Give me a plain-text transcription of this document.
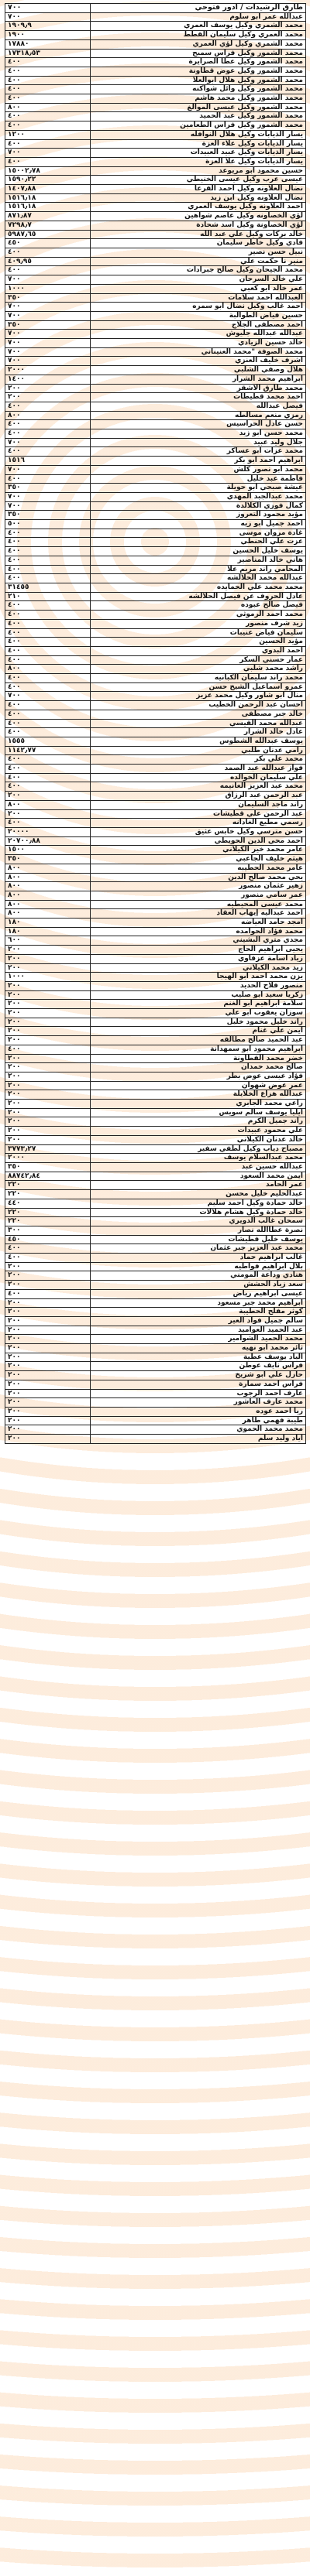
طارق الرشيدات / ادور فتوحي	٧٠٠
عبدالله عمر ابو سلوم	٧٠٠
محمد الشمري وكيل يوسف العمري	١٩٠٩٫٩
محمد العمري وكيل سليمان القطط	١٩٠٠
محمد الشمري وكيل لؤي العمري	١٧٨٨٠
محمد الشمور وكيل فراس سميح	١٧٣١٨٫٥٣
محمد الشمور وكيل عطا الصرايرة	٤٠٠
محمد الشمور وكيل عوض قطاونة	٤٠٠
محمد الشمور وكيل هلال ابوالعلا	٤٠٠
محمد الشمور وكيل وائل شواكنه	٤٠٠
محمد الشمور وكيل محمد هاشم	٤٠٠
محمد الشمور وكيل عيسى الموالغ	٨٠٠
محمد الشمور وكيل عبد الحميد	٤٠٠
محمد الشمور وكيل فراس الطعامين	٤٠٠
يسار الذيابات وكيل هلال النوافله	١٢٠٠
يسار الذيابات وكيل علاء العزة	٤٠٠
يسار الذيابات وكيل عبيد العبيدات	٧٠٠
يسار الذيابات وكيل علا العزة	٤٠٠
حسين محمود ابو مريوعد	١٥٠٠٢٫٧٨
عيسى عرب وكيل عيسى الخنيطي	١٥٩٠٫٢٢
نضال العلاونه وكيل احمد القرعا	١٤٠٧٫٨٨
نضال العلاونه وكيل ابن زيد	١٥١٦٫١٨
احمد العلاونه وكيل يوسف العمري	١٥١٦٫١٨
لؤي الخصاونه وكيل عاصم شواهين	٨٧١٫٨٧
لؤي الخصاونة وكيل اسد شحادة	٧٢٩٨٫٧
خالد بركات وكيل علي عبد الله	٥٩٨٧٫٦٥
فادي وكيل خاطر سليمان	٤٥٠
نبيل حسن نصير	٤٠٠
منير نا حكمت علي	٤٠٩٫٩٥
محمد الجيحان وكيل صالح جبرادات	٤٠٠
علي خالد السرحان	٧٠٠
عمر خالد ابو كعبي	١٠٠٠
العبدالله احمد سلامات	٣٥٠
احمد غالب وكيل نضال ابو سمره	٧٠٠
حسين فياض الطوالبة	٧٠٠
احمد مصطفى الجلاج	٣٥٠
عبدالله عبدالله جليوش	٧٠٠
خالد حسين الزيادي	٧٠٠
محمد الصوفة "محمد الغنيناني	٧٠٠
اشرف خليف العنزي	٧٠٠
هلال وصفي الشلبي	٢٠٠٠
ابراهيم محمد الشرار	١٤٠٠
محمد طارق الاشقر	٢٠٠
احمد محمد قطيطات	٢٠٠
فيصل عبدالله	٤٠٠
رمزي منعم مسالطه	٨٠٠
حسن عادل الحراسيس	٤٠٠
محمد حسن ابو زيد	٤٠٠
جلال وليد عبيد	٧٠٠
محمد عزات ابو عساكر	٤٠٠
ابراهيم احمد ابو بكر	١٥١٦
محمد ابو نصور كلش	٧٠٠
فاطمة عبد خليل	٤٠٠
عيشة صبحي ابو حويلة	٣٥٠
محمد عبدالجبد المهدي	٧٠٠
كمال فوزي الكلالدة	٧٠٠
مؤيد محمود التعروز	٣٥٠
احمد جميل ابو زيه	٥٠٠
غادة مروان موسى	٤٠٠
عزت علي الحنطي	٤٠٠
يوسف خليل الحسين	٤٠٠
هاني خالد المناصير	٤٠٠
المحامي راند مريم علا	٤٠٠
عبدالله محمد الحلالشه	٤٠٠
محمد محمد علي الحمايده	٣١٤٥٥
عادل الحروف عن فيصل الحلالشه	٢١٠
فيصل صالح عبوده	٤٠٠
محمد احمد الرموثي	٤٠٠
زيد شرف منصور	٤٠٠
سليمان فياض عنيبات	٤٠٠
مؤيد الحسين	٤٠٠
احمد البدوي	٤٠٠
عمار حسني السكر	٤٠٠
راشد محمد شلبي	٨٠٠
محمد راند سليمان الكبانيه	٤٠٠
عمرو اسماعيل الشيخ حسن	٤٠٠
منال ابو شاور وكيل محمد عزيز	٧٠٠
احسان عبد الرحمن الخطيب	٤٠٠
خالد جبر مصطفى	٤٠٠
عبدالله محمد القيسي	٤٠٠
عادل خالد الشرار	٤٠٠
يوسف عبدالله الشطوس	١٥٥٥
رامي عدنان طلبي	١١٤٢٫٧٧
محمد علي بكر	٤٠٠
فواز عبدالله عبد الصمد	٤٠٠
علي سليمان الخوالده	٤٠٠
محمد عبد العزيز الغانيمه	٤٠٠
عبد الرحمن عبد الرزاق	٢٠٠
راند ماجد السليمان	٨٠٠
عبد الرحمن علي قطيشات	٢٠٠
رسمي مطيع الغادانه	٤٠٠
حسن مترسي وكيل خابس عثيق	٢٠٠٠٠
احمد محي الدين الحويطي	٢٠٧٠٠٫٨٨
عامر محمد خير الكيلاني	١٥٠٠
هيثم خليف الجاعبي	٣٥٠
عامر محمد الحطيبه	٨٠٠
يحي محمد صالح الدين	٨٠٠
زهير عثمان منصور	٨٠٠
عمر سامي منصور	٨٠٠
محمد عيسى المحيطيه	٨٠٠
احمد عبداليه إيهاب العقاد	٨٠٠
امجد حامد العياضه	١٨٠
محمد فؤاد الحوامده	١٨٠
مجدي متري البشيني	٦٠٠
يحيى ابراهيم الحاج	٢٠٠
زياد اسامة عزقاوي	٢٠٠
زيد محمد الكيلاني	٢٠٠
يزن محمد احمد ابو الهيجا	١٠٠٠
منصور فلاح الحديد	٢٠٠
زكريا سعيد ابو صليب	٢٠٠
سلامة ابراهيم ابو الغنم	٢٠٠
سوزان يعقوب ابو علي	٢٠٠
راند خليل محمود خليل	٢٠٠
ايمن علي غنام	٢٠٠
عبد الحميد صالح مطالقه	٢٠٠
ابراهيم محمود ابو سمهدانة	٤٠٠
خضر محمد القطاونة	٢٠٠
صالح محمد حمدان	٢٠٠
فؤاد عيسى عوض بطر	٢٠٠
عمر عوض شهوان	٢٠٠
عبدالله هزاع الخلايلة	٢٠٠
راعي محمد الجابري	٢٠٠
ايليا يوسف سالم سويس	٢٠٠
راند جميل الكرم	٢٠٠
علي محمود عبيدات	٢٠٠
خالد عدنان الكيلاني	٢٠٠
مصباح دياب وكيل لطفي سفير	٣٧٧٣٫٢٧
محمد عبدالسلام يوسف	٢٠٠٠
عبدالله حسين عبد	٣٥٠
ايمن محمد السعود	٨٨٧٤٢٫٨٤
عمر الحامد	٢٢٠
عبدالحليم خليل محسن	٢٢٠
خالد حمادة وكيل احمد سليم	٤٤٠
خالد حمادة وكيل هشام هلالات	٢٢٠
سمحان غالب الدويري	٢٢٠
نصرة عطاالله نصار	٣٠٠
يوسف خليل قطيشات	٤٥٠
محمد عبد العزيز جبر عثمان	٤٠٠
غالب ابراهيم حماد	٤٠٠
بلال ابراهيم فواطيه	٢٠٠
هنادي وداعة المومني	٢٠٠
سعد زياد الحشش	٢٠٠
عيسى ابراهيم رياض	٤٠٠
ابراهيم محمد جبر مسعود	٢٠٠
كوثر مفلح الحطيبة	٢٠٠
سالم جميل فواد العير	٢٠٠
عبد الحميد العواميد	٢٠٠
محمد الحميد الشوامير	٢٠٠
ثائر محمد ابو نهيه	٢٠٠
الياد يوسف عطية	٢٠٠
فراس نايف عوطن	٢٠٠
حازل علي ابو شريخ	٢٠٠
فراس احمد سمارة	٢٠٠
عارف احمد الرجوب	٢٠٠
محمد عارف العاشور	٢٠٠
ريا احمد عوده	٢٠٠
طيبة فهمي طاهر	٢٠٠
محمد محمد الحموي	٢٠٠
اياد وليد سلم	٢٠٠
